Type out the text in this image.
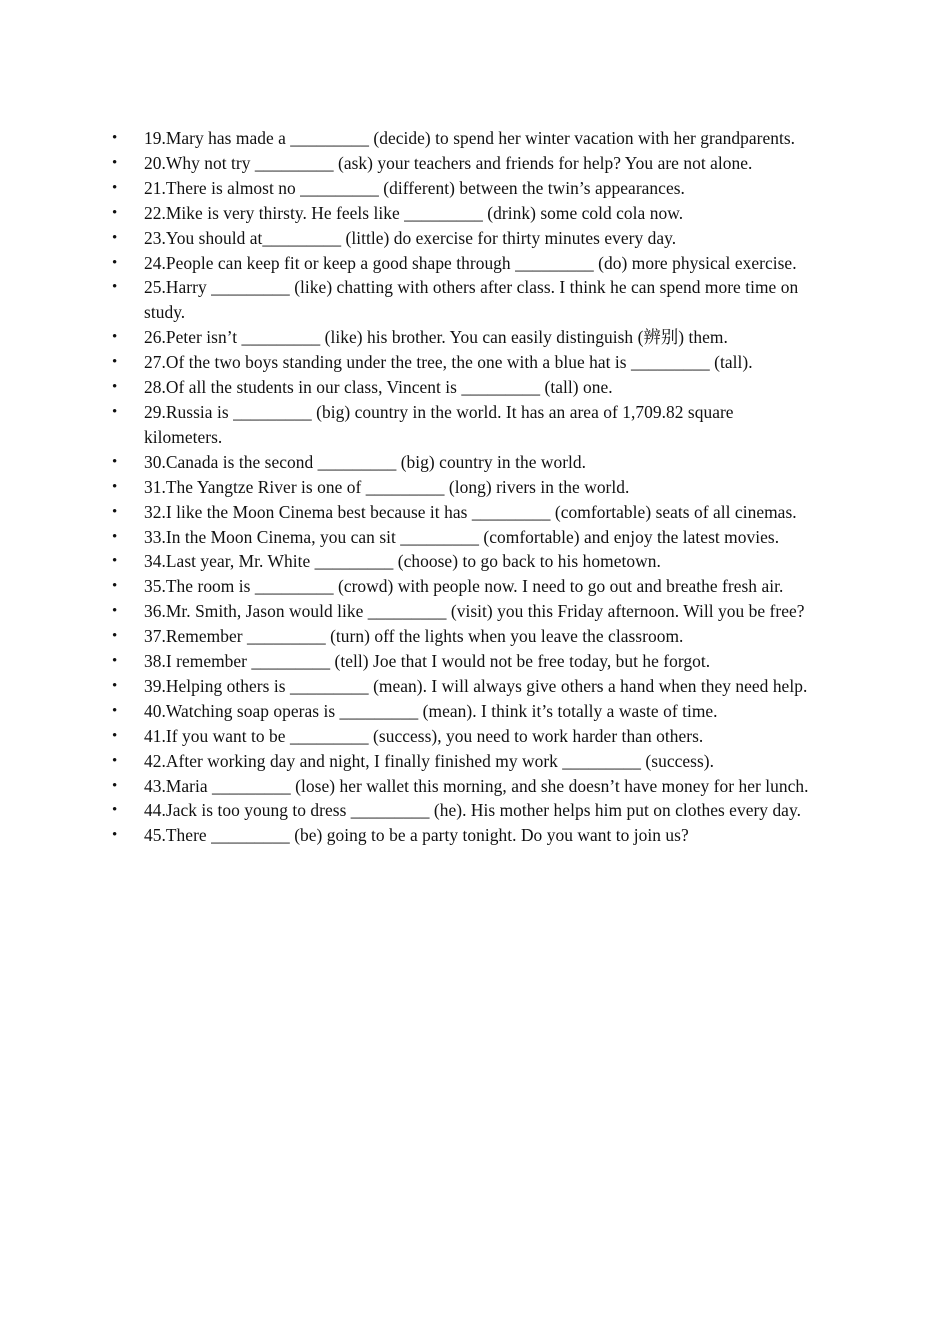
•	19.Mary has made a _________ (decide) to spend her winter vacation with her grandparents.
•	20.Why not try _________ (ask) your teachers and friends for help? You are not alone.
•	21.There is almost no _________ (different) between the twin’s appearances.
•	22.Mike is very thirsty. He feels like _________ (drink) some cold cola now.
•	23.You should at_________ (little) do exercise for thirty minutes every day.
•	24.People can keep fit or keep a good shape through _________ (do) more physical exercise.
•	25.Harry _________ (like) chatting with others after class. I think he can spend more time on study.
•	26.Peter isn’t _________ (like) his brother. You can easily distinguish (辨别) them.
•	27.Of the two boys standing under the tree, the one with a blue hat is _________ (tall).
•	28.Of all the students in our class, Vincent is _________ (tall) one.
•	29.Russia is _________ (big) country in the world. It has an area of 1,709.82 square kilometers.
•	30.Canada is the second _________ (big) country in the world.
•	31.The Yangtze River is one of _________ (long) rivers in the world.
•	32.I like the Moon Cinema best because it has _________ (comfortable) seats of all cinemas.
•	33.In the Moon Cinema, you can sit _________ (comfortable) and enjoy the latest movies.
•	34.Last year, Mr. White _________ (choose) to go back to his hometown.
•	35.The room is _________ (crowd) with people now. I need to go out and breathe fresh air.
•	36.Mr. Smith, Jason would like _________ (visit) you this Friday afternoon. Will you be free?
•	37.Remember _________ (turn) off the lights when you leave the classroom.
•	38.I remember _________ (tell) Joe that I would not be free today, but he forgot.
•	39.Helping others is _________ (mean). I will always give others a hand when they need help.
•	40.Watching soap operas is _________ (mean). I think it’s totally a waste of time.
•	41.If you want to be _________ (success), you need to work harder than others.
•	42.After working day and night, I finally finished my work _________ (success).
•	43.Maria _________ (lose) her wallet this morning, and she doesn’t have money for her lunch.
•	44.Jack is too young to dress _________ (he). His mother helps him put on clothes every day.
•	45.There _________ (be) going to be a party tonight. Do you want to join us?
